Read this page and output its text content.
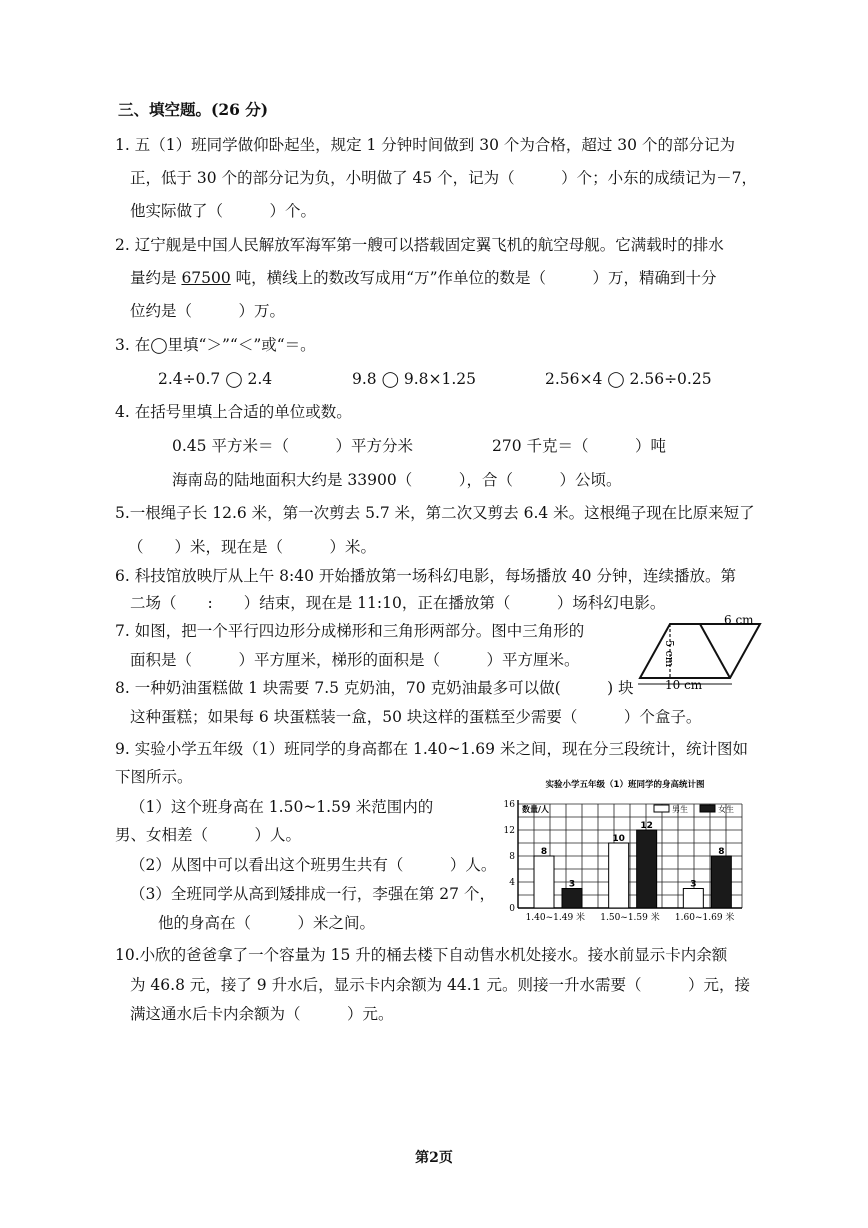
三、填空题。(26 分)
1. 五（1）班同学做仰卧起坐，规定 1 分钟时间做到 30 个为合格，超过 30 个的部分记为
正，低于 30 个的部分记为负，小明做了 45 个，记为（　　　）个；小东的成绩记为－7，
他实际做了（　　　）个。
2. 辽宁舰是中国人民解放军海军第一艘可以搭载固定翼飞机的航空母舰。它满载时的排水
量约是 67500 吨，横线上的数改写成用“万”作单位的数是（　　　）万，精确到十分
位约是（　　　）万。
3. 在◯里填“＞”“＜”或“＝。
2.4÷0.7 ◯ 2.4	9.8 ◯ 9.8×1.25	2.56×4 ◯ 2.56÷0.25
4. 在括号里填上合适的单位或数。
0.45 平方米＝（　　　）平方分米	270 千克＝（　　　）吨
海南岛的陆地面积大约是 33900（　　　），合（　　　）公顷。
5.一根绳子长 12.6 米，第一次剪去 5.7 米，第二次又剪去 6.4 米。这根绳子现在比原来短了
（　　）米，现在是（　　　）米。
6. 科技馆放映厅从上午 8:40 开始播放第一场科幻电影，每场播放 40 分钟，连续播放。第
二场（　　:　　）结束，现在是 11:10，正在播放第（　　　）场科幻电影。
7. 如图，把一个平行四边形分成梯形和三角形两部分。图中三角形的
面积是（　　　）平方厘米，梯形的面积是（　　　）平方厘米。
6 cm
5 cm
10 cm
8. 一种奶油蛋糕做 1 块需要 7.5 克奶油，70 克奶油最多可以做(　　　) 块
这种蛋糕；如果每 6 块蛋糕装一盒，50 块这样的蛋糕至少需要（　　　）个盒子。
9. 实验小学五年级（1）班同学的身高都在 1.40~1.69 米之间，现在分三段统计，统计图如
下图所示。
（1）这个班身高在 1.50~1.59 米范围内的
男、女相差（　　　）人。
（2）从图中可以看出这个班男生共有（　　　）人。
（3）全班同学从高到矮排成一行，李强在第 27 个，
他的身高在（　　　）米之间。
实验小学五年级（1）班同学的身高统计图
0
4
8
12
16 数量/人	男生	女生
8
3
1.40~1.49 米
10
12
1.50~1.59 米
3
8
1.60~1.69 米
10.小欣的爸爸拿了一个容量为 15 升的桶去楼下自动售水机处接水。接水前显示卡内余额
为 46.8 元，接了 9 升水后，显示卡内余额为 44.1 元。则接一升水需要（　　　）元，接
满这通水后卡内余额为（　　　）元。
第2页
